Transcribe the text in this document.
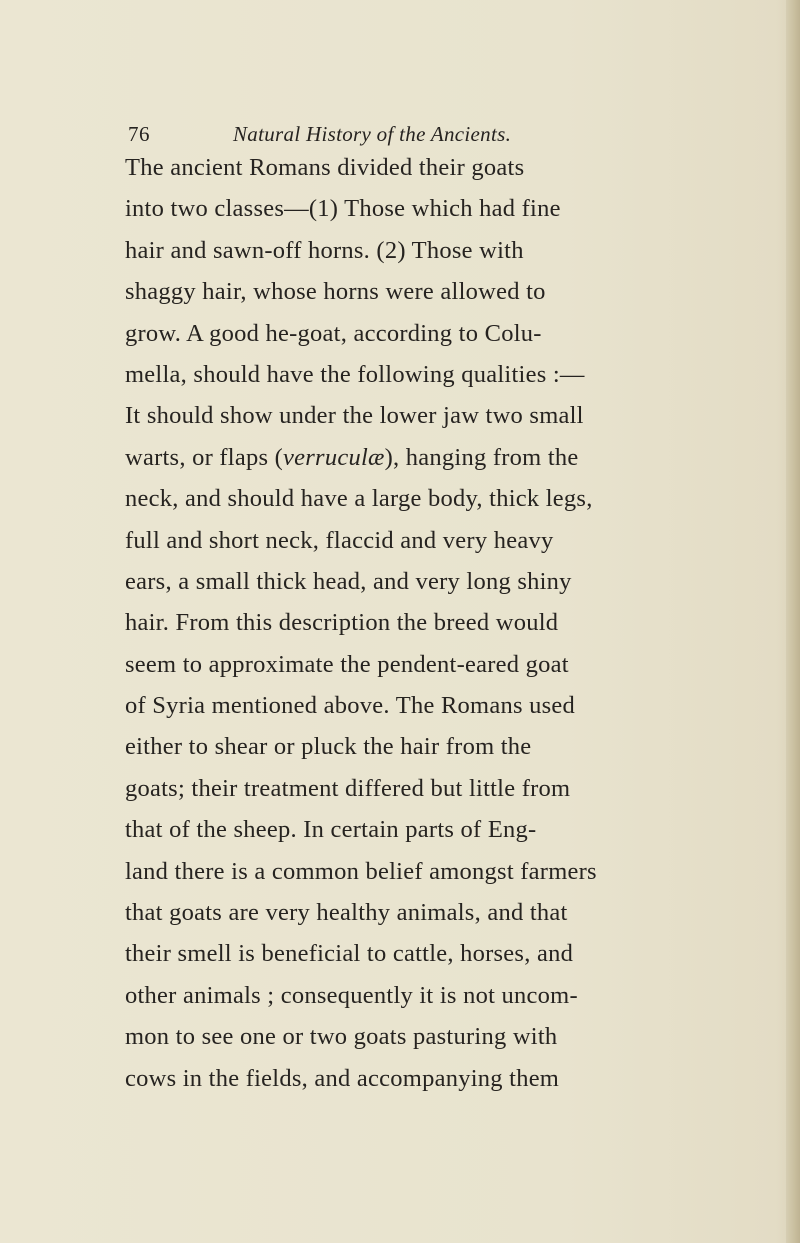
76	Natural History of the Ancients.
The ancient Romans divided their goats
into two classes—(1) Those which had fine
hair and sawn-off horns. (2) Those with
shaggy hair, whose horns were allowed to
grow. A good he-goat, according to Colu-
mella, should have the following qualities :—
It should show under the lower jaw two small
warts, or flaps (verruculæ), hanging from the
neck, and should have a large body, thick legs,
full and short neck, flaccid and very heavy
ears, a small thick head, and very long shiny
hair. From this description the breed would
seem to approximate the pendent-eared goat
of Syria mentioned above. The Romans used
either to shear or pluck the hair from the
goats; their treatment differed but little from
that of the sheep. In certain parts of Eng-
land there is a common belief amongst farmers
that goats are very healthy animals, and that
their smell is beneficial to cattle, horses, and
other animals ; consequently it is not uncom-
mon to see one or two goats pasturing with
cows in the fields, and accompanying them
